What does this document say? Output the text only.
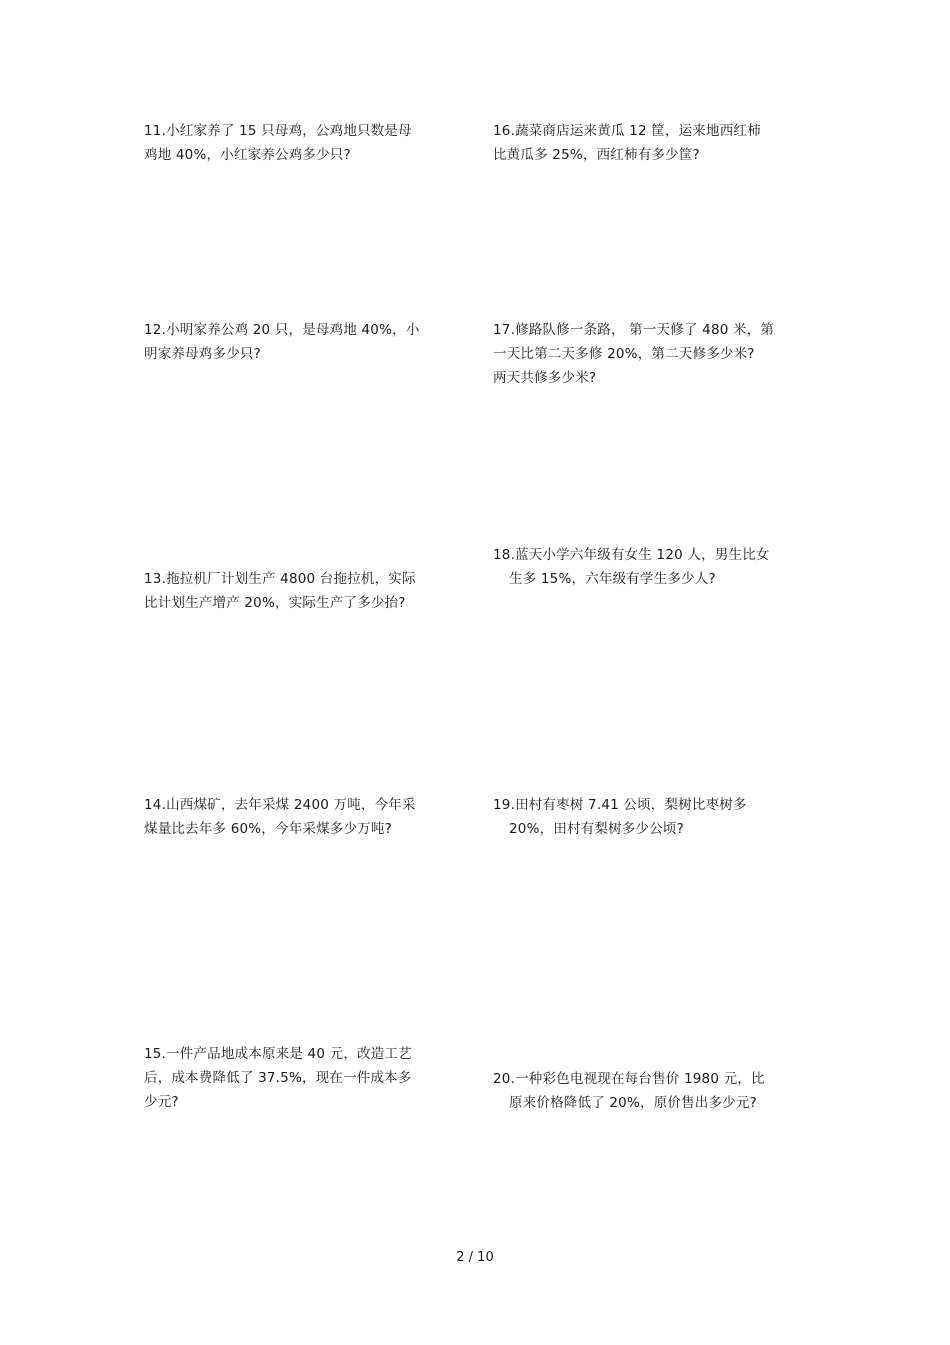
11.小红家养了 15 只母鸡，公鸡地只数是母
鸡地 40%，小红家养公鸡多少只?
12.小明家养公鸡 20 只，是母鸡地 40%，小
明家养母鸡多少只?
13.拖拉机厂计划生产 4800 台拖拉机，实际
比计划生产增产 20%，实际生产了多少抬?
14.山西煤矿，去年采煤 2400 万吨，今年采
煤量比去年多 60%，今年采煤多少万吨?
15.一件产品地成本原来是 40 元，改造工艺
后，成本费降低了 37.5%，现在一件成本多
少元?
16.蔬菜商店运来黄瓜 12 筐，运来地西红柿
比黄瓜多 25%，西红柿有多少筐?
17.修路队修一条路， 第一天修了 480 米，第
一天比第二天多修 20%，第二天修多少米?
两天共修多少米?
18.蓝天小学六年级有女生 120 人，男生比女
生多 15%，六年级有学生多少人?
19.田村有枣树 7.41 公顷，梨树比枣树多
20%，田村有梨树多少公顷?
20.一种彩色电视现在每台售价 1980 元，比
原来价格降低了 20%，原价售出多少元?
2 / 10
